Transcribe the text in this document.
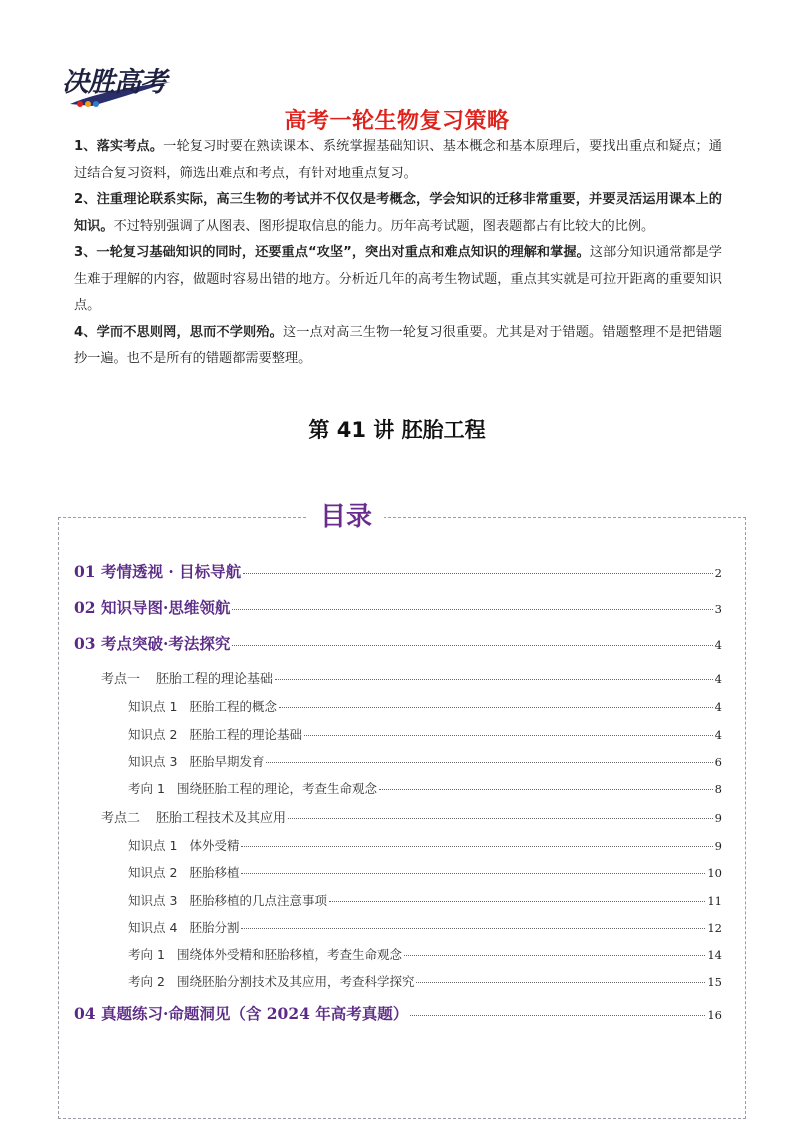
决胜高考
高考一轮生物复习策略

1、落实考点。一轮复习时要在熟读课本、系统掌握基础知识、基本概念和基本原理后，要找出重点和疑点；通过结合复习资料，筛选出难点和考点，有针对地重点复习。

2、注重理论联系实际，高三生物的考试并不仅仅是考概念，学会知识的迁移非常重要，并要灵活运用课本上的知识。不过特别强调了从图表、图形提取信息的能力。历年高考试题，图表题都占有比较大的比例。

3、一轮复习基础知识的同时，还要重点“攻坚”，突出对重点和难点知识的理解和掌握。这部分知识通常都是学生难于理解的内容，做题时容易出错的地方。分析近几年的高考生物试题，重点其实就是可拉开距离的重要知识点。

4、学而不思则罔，思而不学则殆。这一点对高三生物一轮复习很重要。尤其是对于错题。错题整理不是把错题抄一遍。也不是所有的错题都需要整理。

第 41 讲 胚胎工程
目录
01 考情透视 · 目标导航	2
02 知识导图·思维领航	3
03 考点突破·考法探究	4
考点一 胚胎工程的理论基础	4
知识点 1 胚胎工程的概念	4
知识点 2 胚胎工程的理论基础	4
知识点 3 胚胎早期发育	6
考向 1 围绕胚胎工程的理论，考查生命观念	8
考点二 胚胎工程技术及其应用	9
知识点 1 体外受精	9
知识点 2 胚胎移植	10
知识点 3 胚胎移植的几点注意事项	11
知识点 4 胚胎分割	12
考向 1 围绕体外受精和胚胎移植，考查生命观念	14
考向 2 围绕胚胎分割技术及其应用，考查科学探究	15
04 真题练习·命题洞见（含 2024 年高考真题）	16
